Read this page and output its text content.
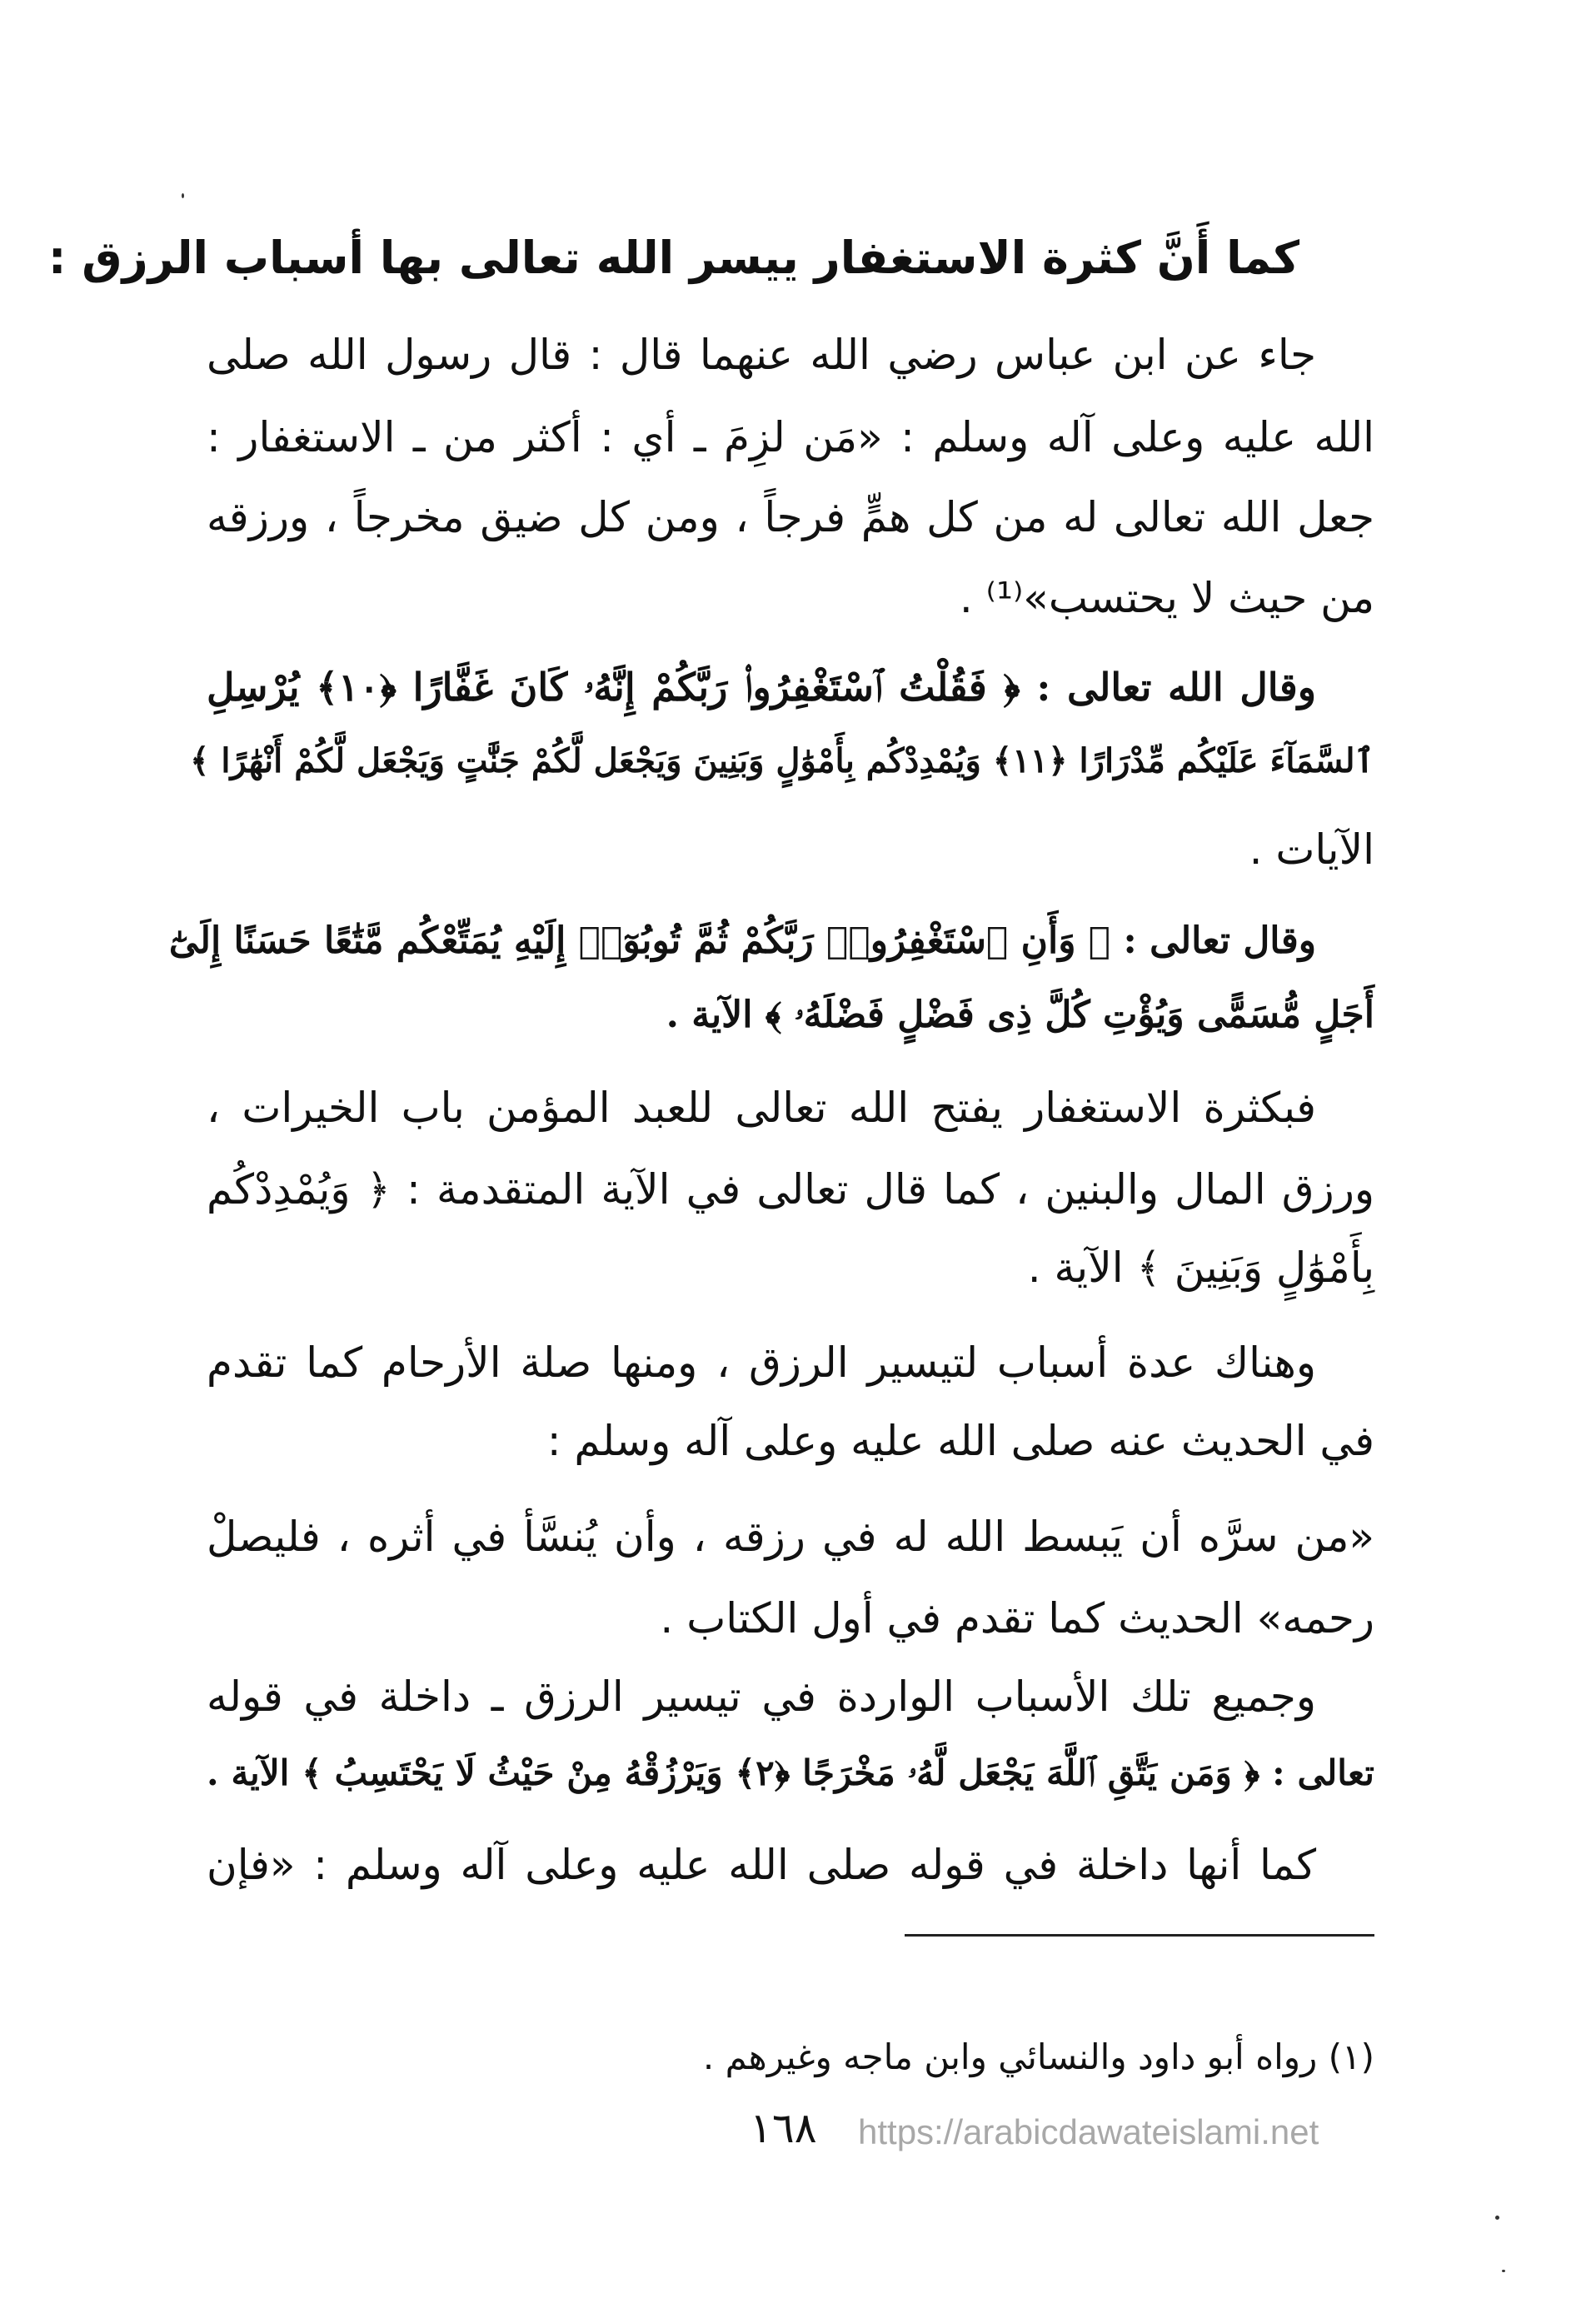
كما أَنَّ كثرة الاستغفار ييسر الله تعالى بها أسباب الرزق :
جاء عن ابن عباس رضي الله عنهما قال : قال رسول الله صلى
الله عليه وعلى آله وسلم : «مَن لزِمَ ـ أي : أكثر من ـ الاستغفار :
جعل الله تعالى له من كل همٍّ فرجاً ، ومن كل ضيق مخرجاً ، ورزقه
من حيث لا يحتسب»⁽¹⁾ .
وقال الله تعالى : ﴿ فَقُلْتُ ٱسْتَغْفِرُوا۟ رَبَّكُمْ إِنَّهُۥ كَانَ غَفَّارًا ﴿١٠﴾ يُرْسِلِ
ٱلسَّمَآءَ عَلَيْكُم مِّدْرَارًا ﴿١١﴾ وَيُمْدِدْكُم بِأَمْوَٰلٍ وَبَنِينَ وَيَجْعَل لَّكُمْ جَنَّٰتٍ وَيَجْعَل لَّكُمْ أَنْهَٰرًا ﴾
الآيات .
وقال تعالى : ﴿ وَأَنِ ٱسْتَغْفِرُوا۟ رَبَّكُمْ ثُمَّ تُوبُوٓا۟ إِلَيْهِ يُمَتِّعْكُم مَّتَٰعًا حَسَنًا إِلَىٰٓ
أَجَلٍ مُّسَمًّى وَيُؤْتِ كُلَّ ذِى فَضْلٍ فَضْلَهُۥ ﴾ الآية .
فبكثرة الاستغفار يفتح الله تعالى للعبد المؤمن باب الخيرات ،
ورزق المال والبنين ، كما قال تعالى في الآية المتقدمة : ﴿ وَيُمْدِدْكُم
بِأَمْوَٰلٍ وَبَنِينَ ﴾ الآية .
وهناك عدة أسباب لتيسير الرزق ، ومنها صلة الأرحام كما تقدم
في الحديث عنه صلى الله عليه وعلى آله وسلم :
«من سرَّه أن يَبسط الله له في رزقه ، وأن يُنسَّأ في أثره ، فليصلْ
رحمه» الحديث كما تقدم في أول الكتاب .
وجميع تلك الأسباب الواردة في تيسير الرزق ـ داخلة في قوله
تعالى : ﴿ وَمَن يَتَّقِ ٱللَّهَ يَجْعَل لَّهُۥ مَخْرَجًا ﴿٢﴾ وَيَرْزُقْهُ مِنْ حَيْثُ لَا يَحْتَسِبُ ﴾ الآية .
كما أنها داخلة في قوله صلى الله عليه وعلى آله وسلم : «فإن
(١) رواه أبو داود والنسائي وابن ماجه وغيرهم .
١٦٨ https://arabicdawateislami.net
